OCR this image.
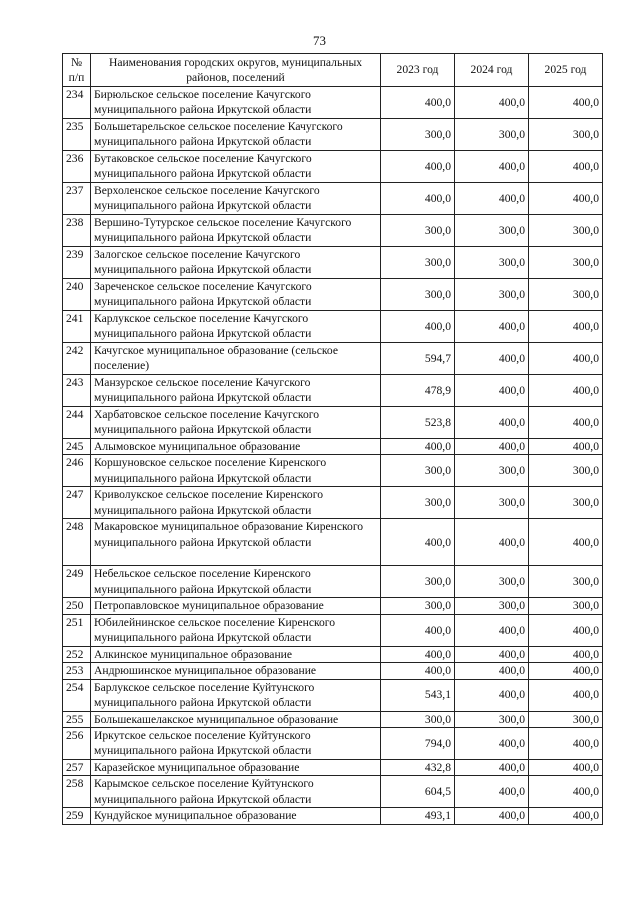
73
№ п/п	Наименования городских округов, муниципальных районов, поселений	2023 год	2024 год	2025 год
234	Бирюльское сельское поселение Качугского муниципального района Иркутской области	400,0	400,0	400,0
235	Большетарельское сельское поселение Качугского муниципального района Иркутской области	300,0	300,0	300,0
236	Бутаковское сельское поселение Качугского муниципального района Иркутской области	400,0	400,0	400,0
237	Верхоленское сельское поселение Качугского муниципального района Иркутской области	400,0	400,0	400,0
238	Вершино-Тутурское сельское поселение Качугского муниципального района Иркутской области	300,0	300,0	300,0
239	Залогское сельское поселение Качугского муниципального района Иркутской области	300,0	300,0	300,0
240	Зареченское сельское поселение Качугского муниципального района Иркутской области	300,0	300,0	300,0
241	Карлукское сельское поселение Качугского муниципального района Иркутской области	400,0	400,0	400,0
242	Качугское муниципальное образование (сельское поселение)	594,7	400,0	400,0
243	Манзурское сельское поселение Качугского муниципального района Иркутской области	478,9	400,0	400,0
244	Харбатовское сельское поселение Качугского муниципального района Иркутской области	523,8	400,0	400,0
245	Алымовское муниципальное образование	400,0	400,0	400,0
246	Коршуновское сельское поселение Киренского муниципального района Иркутской области	300,0	300,0	300,0
247	Криволукское сельское поселение Киренского муниципального района Иркутской области	300,0	300,0	300,0
248	Макаровское муниципальное образование Киренского муниципального района Иркутской области	400,0	400,0	400,0
249	Небельское сельское поселение Киренского муниципального района Иркутской области	300,0	300,0	300,0
250	Петропавловское муниципальное образование	300,0	300,0	300,0
251	Юбилейнинское сельское поселение Киренского муниципального района Иркутской области	400,0	400,0	400,0
252	Алкинское муниципальное образование	400,0	400,0	400,0
253	Андрюшинское муниципальное образование	400,0	400,0	400,0
254	Барлукское сельское поселение Куйтунского муниципального района Иркутской области	543,1	400,0	400,0
255	Большекашелакское муниципальное образование	300,0	300,0	300,0
256	Иркутское сельское поселение Куйтунского муниципального района Иркутской области	794,0	400,0	400,0
257	Каразейское муниципальное образование	432,8	400,0	400,0
258	Карымское сельское поселение Куйтунского муниципального района Иркутской области	604,5	400,0	400,0
259	Кундуйское муниципальное образование	493,1	400,0	400,0
